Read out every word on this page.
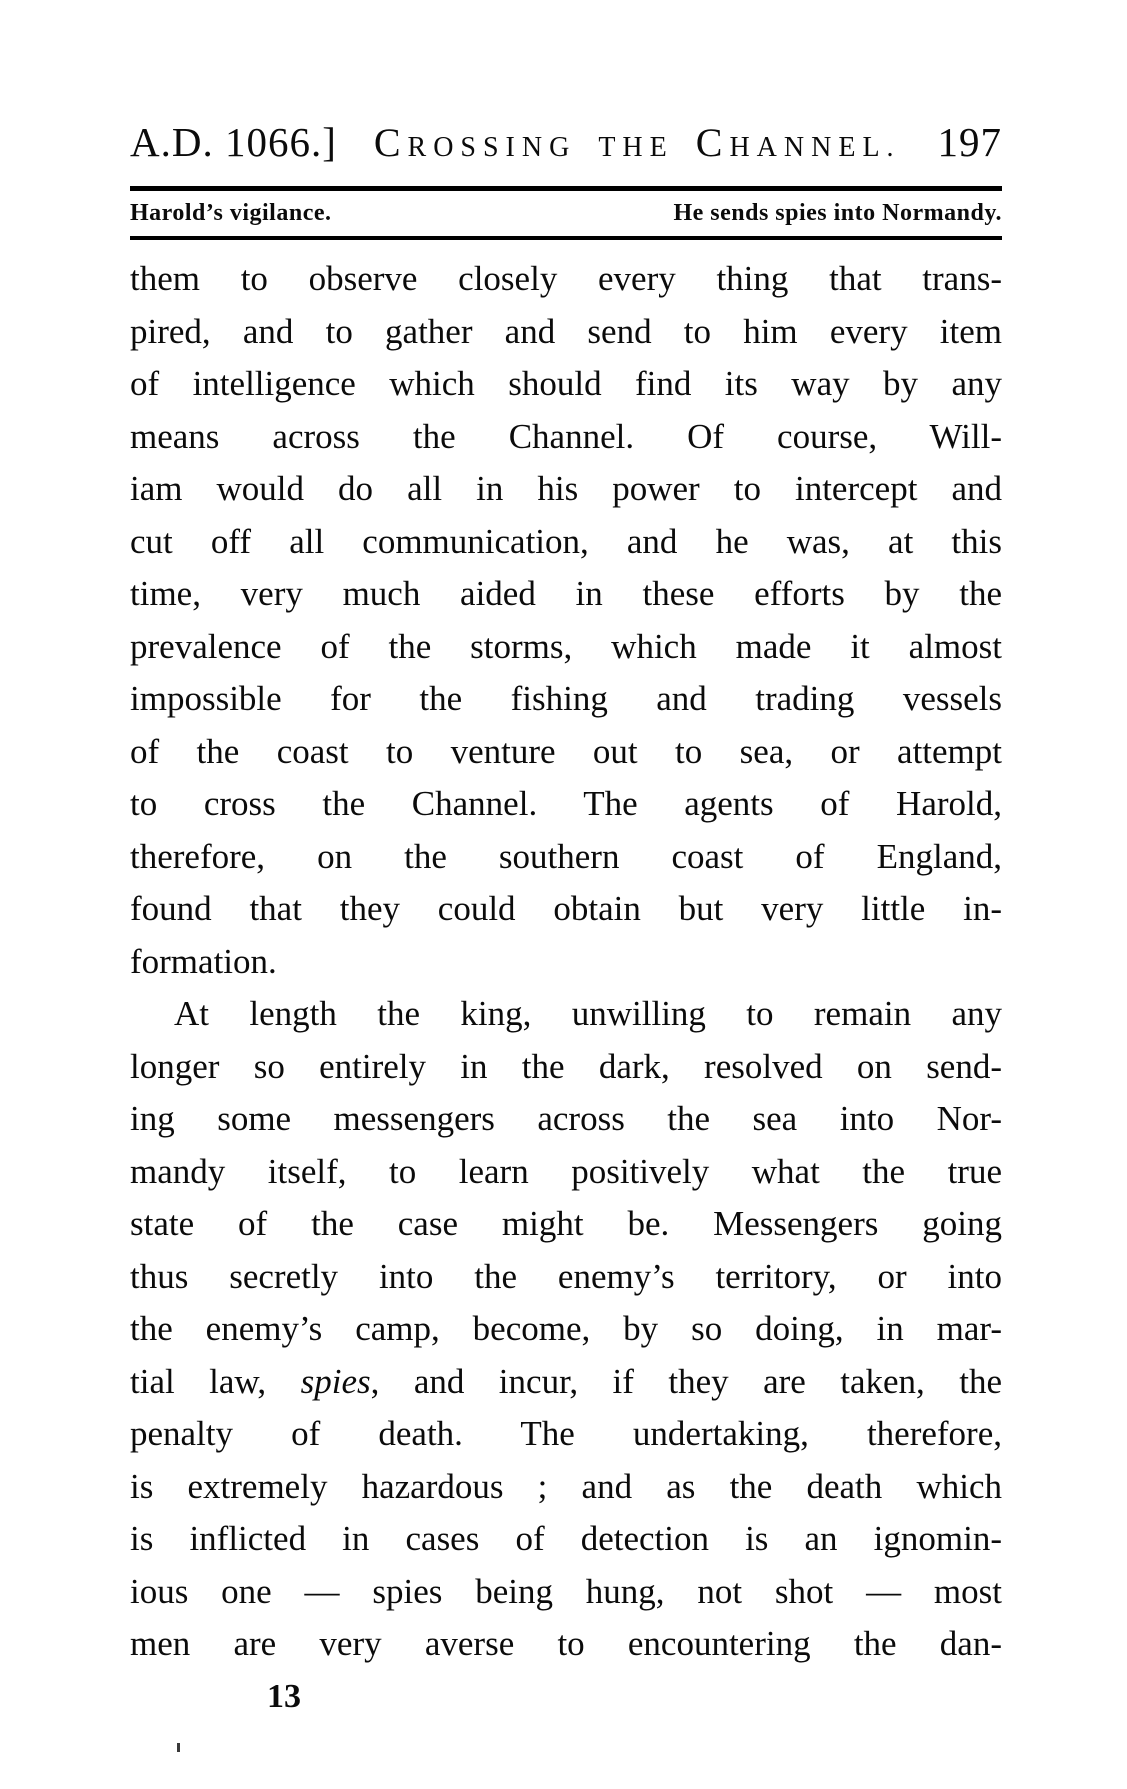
A.D. 1066.] CROSSING THE CHANNEL. 197
Harold’s vigilance.	He sends spies into Normandy.
them to observe closely every thing that trans-
pired, and to gather and send to him every item
of intelligence which should find its way by any
means across the Channel. Of course, Will-
iam would do all in his power to intercept and
cut off all communication, and he was, at this
time, very much aided in these efforts by the
prevalence of the storms, which made it almost
impossible for the fishing and trading vessels
of the coast to venture out to sea, or attempt
to cross the Channel. The agents of Harold,
therefore, on the southern coast of England,
found that they could obtain but very little in-
formation.
At length the king, unwilling to remain any
longer so entirely in the dark, resolved on send-
ing some messengers across the sea into Nor-
mandy itself, to learn positively what the true
state of the case might be. Messengers going
thus secretly into the enemy’s territory, or into
the enemy’s camp, become, by so doing, in mar-
tial law, spies, and incur, if they are taken, the
penalty of death. The undertaking, therefore,
is extremely hazardous ; and as the death which
is inflicted in cases of detection is an ignomin-
ious one — spies being hung, not shot — most
men are very averse to encountering the dan-
13
